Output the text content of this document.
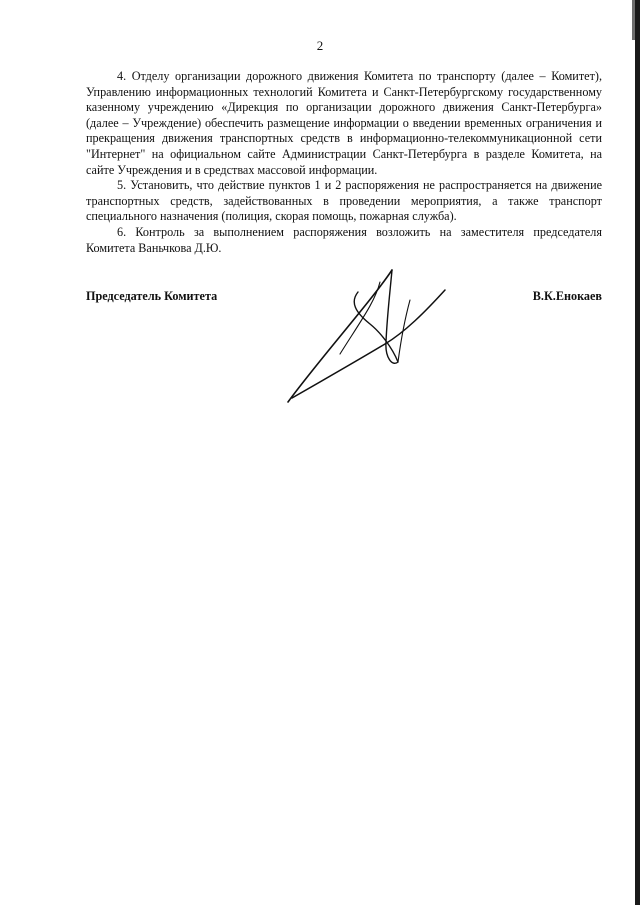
2

4. Отделу организации дорожного движения Комитета по транспорту (далее – Комитет), Управлению информационных технологий Комитета и Санкт-Петербургскому государственному казенному учреждению «Дирекция по организации дорожного движения Санкт-Петербурга» (далее – Учреждение) обеспечить размещение информации о введении временных ограничения и прекращения движения транспортных средств в информационно-телекоммуникационной сети "Интернет" на официальном сайте Администрации Санкт-Петербурга в разделе Комитета, на сайте Учреждения и в средствах массовой информации.

5. Установить, что действие пунктов 1 и 2 распоряжения не распространяется на движение транспортных средств, задействованных в проведении мероприятия, а также транспорт специального назначения (полиция, скорая помощь, пожарная служба).

6. Контроль за выполнением распоряжения возложить на заместителя председателя Комитета Ваньчкова Д.Ю.

Председатель Комитета	В.К.Енокаев
